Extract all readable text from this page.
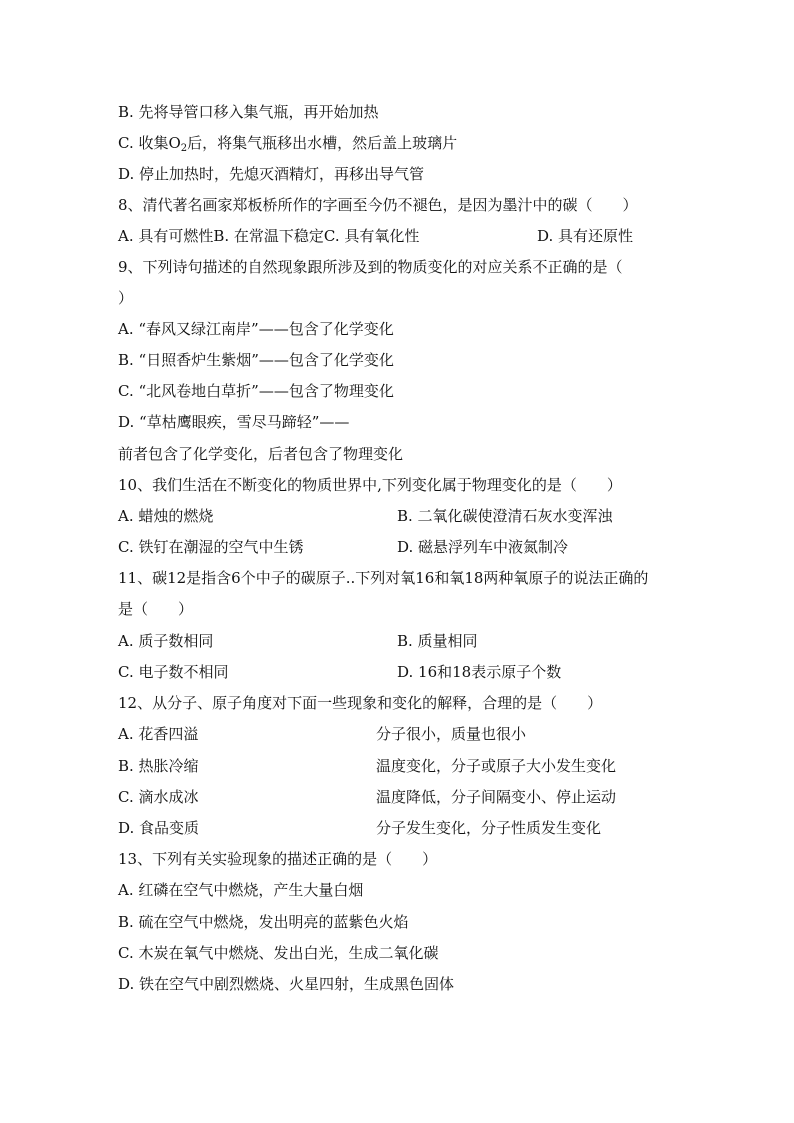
B. 先将导管口移入集气瓶，再开始加热

C. 收集$O_2$后，将集气瓶移出水槽，然后盖上玻璃片

D. 停止加热时，先熄灭酒精灯，再移出导气管

8、清代著名画家郑板桥所作的字画至今仍不褪色，是因为墨汁中的碳（　　）

A. 具有可燃性B. 在常温下稳定C. 具有氧化性	D. 具有还原性

9、下列诗句描述的自然现象跟所涉及到的物质变化的对应关系不正确的是（

）

A. “春风又绿江南岸”——包含了化学变化

B. “日照香炉生紫烟”——包含了化学变化

C. “北风卷地白草折”——包含了物理变化

D. “草枯鹰眼疾，雪尽马蹄轻”——

前者包含了化学变化，后者包含了物理变化

10、我们生活在不断变化的物质世界中,下列变化属于物理变化的是（　　）

A. 蜡烛的燃烧	B. 二氧化碳使澄清石灰水变浑浊

C. 铁钉在潮湿的空气中生锈	D. 磁悬浮列车中液氮制冷

11、碳12是指含6个中子的碳原子..下列对氧16和氧18两种氧原子的说法正确的

是（　　）

A. 质子数相同	B. 质量相同

C. 电子数不相同	D. 16和18表示原子个数

12、从分子、原子角度对下面一些现象和变化的解释，合理的是（　　）

A. 花香四溢	分子很小，质量也很小

B. 热胀冷缩	温度变化，分子或原子大小发生变化

C. 滴水成冰	温度降低，分子间隔变小、停止运动

D. 食品变质	分子发生变化，分子性质发生变化

13、下列有关实验现象的描述正确的是（　　）

A. 红磷在空气中燃烧，产生大量白烟

B. 硫在空气中燃烧，发出明亮的蓝紫色火焰

C. 木炭在氧气中燃烧、发出白光，生成二氧化碳

D. 铁在空气中剧烈燃烧、火星四射，生成黑色固体
